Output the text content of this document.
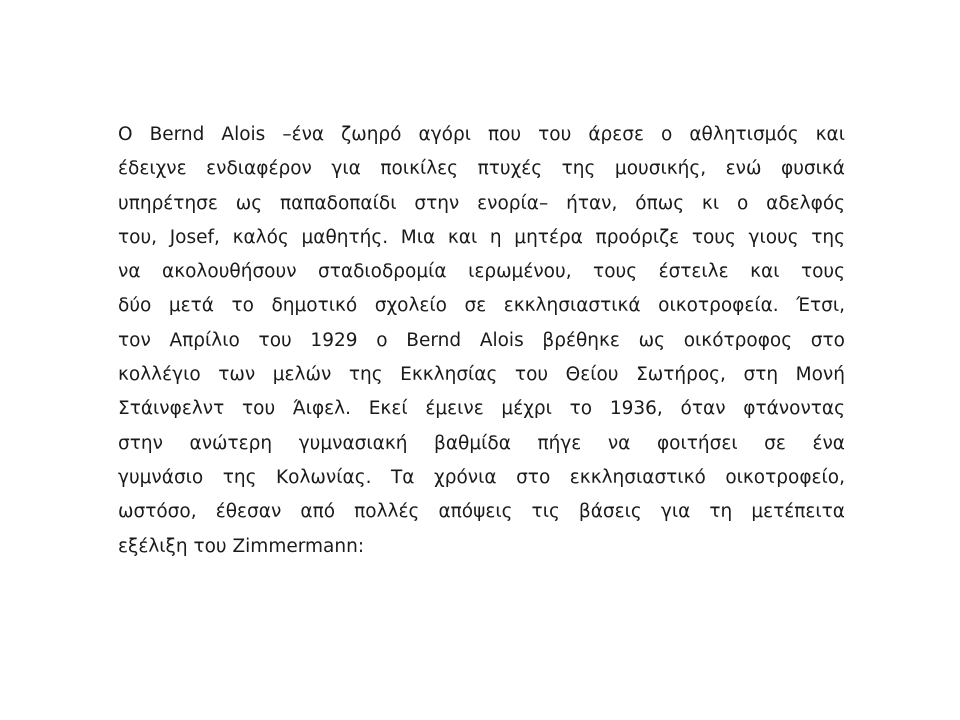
O Bernd Alois –ένα ζωηρό αγόρι που του άρεσε ο αθλητισμός και
έδειχνε ενδιαφέρον για ποικίλες πτυχές της μουσικής, ενώ φυσικά
υπηρέτησε ως παπαδοπαίδι στην ενορία– ήταν, όπως κι ο αδελφός
του, Josef, καλός μαθητής. Μια και η μητέρα προόριζε τους γιους της
να ακολουθήσουν σταδιοδρομία ιερωμένου, τους έστειλε και τους
δύο μετά το δημοτικό σχολείο σε εκκλησιαστικά οικοτροφεία. Έτσι,
τον Απρίλιο του 1929 ο Bernd Alois βρέθηκε ως οικότροφος στο
κολλέγιο των μελών της Εκκλησίας του Θείου Σωτήρος, στη Μονή
Στάινφελντ του Άιφελ. Εκεί έμεινε μέχρι το 1936, όταν φτάνοντας
στην ανώτερη γυμνασιακή βαθμίδα πήγε να φοιτήσει σε ένα
γυμνάσιο της Κολωνίας. Τα χρόνια στο εκκλησιαστικό οικοτροφείο,
ωστόσο, έθεσαν από πολλές απόψεις τις βάσεις για τη μετέπειτα
εξέλιξη του Zimmermann:
